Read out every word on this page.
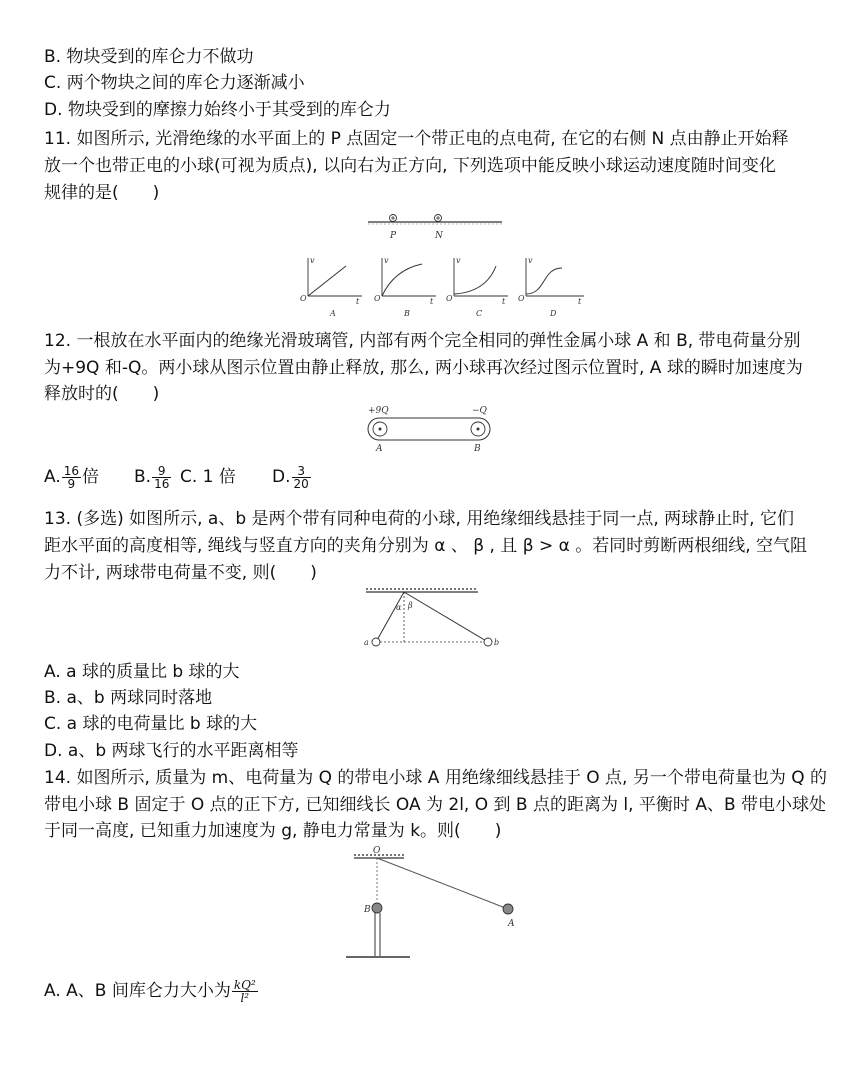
B. 物块受到的库仑力不做功
C. 两个物块之间的库仑力逐渐减小
D. 物块受到的摩擦力始终小于其受到的库仑力
11. 如图所示, 光滑绝缘的水平面上的 P 点固定一个带正电的点电荷, 在它的右侧 N 点由静止开始释
放一个也带正电的小球(可视为质点), 以向右为正方向, 下列选项中能反映小球运动速度随时间变化
规律的是(　　)
P	N
v
O	t
A
v
O	t
B
v
O	t
C
v
O	t
D
12. 一根放在水平面内的绝缘光滑玻璃管, 内部有两个完全相同的弹性金属小球 A 和 B, 带电荷量分别
为+9Q 和-Q。两小球从图示位置由静止释放, 那么, 两小球再次经过图示位置时, A 球的瞬时加速度为
释放时的(　　)
+9Q	−Q
A	B
A. $\frac{16}{9}$ 倍 B. $\frac{9}{16} C$. 1 倍 D. $\frac{3}{20}$
13. (多选) 如图所示, a、b 是两个带有同种电荷的小球, 用绝缘细线悬挂于同一点, 两球静止时, 它们
距水平面的高度相等, 绳线与竖直方向的夹角分别为 α 、 β , 且 β > α 。若同时剪断两根细线, 空气阻
力不计, 两球带电荷量不变, 则(　　)
α β
a	b
A. a 球的质量比 b 球的大
B. a、b 两球同时落地
C. a 球的电荷量比 b 球的大
D. a、b 两球飞行的水平距离相等
14. 如图所示, 质量为 m、电荷量为 Q 的带电小球 A 用绝缘细线悬挂于 O 点, 另一个带电荷量也为 Q 的
带电小球 B 固定于 O 点的正下方, 已知细线长 OA 为 2l, O 到 B 点的距离为 l, 平衡时 A、B 带电小球处
于同一高度, 已知重力加速度为 g, 静电力常量为 k。则(　　)
O
B
A
A. A、B 间库仑力大小为 $\frac{\text{kQ²}}{\text{l²}}$
